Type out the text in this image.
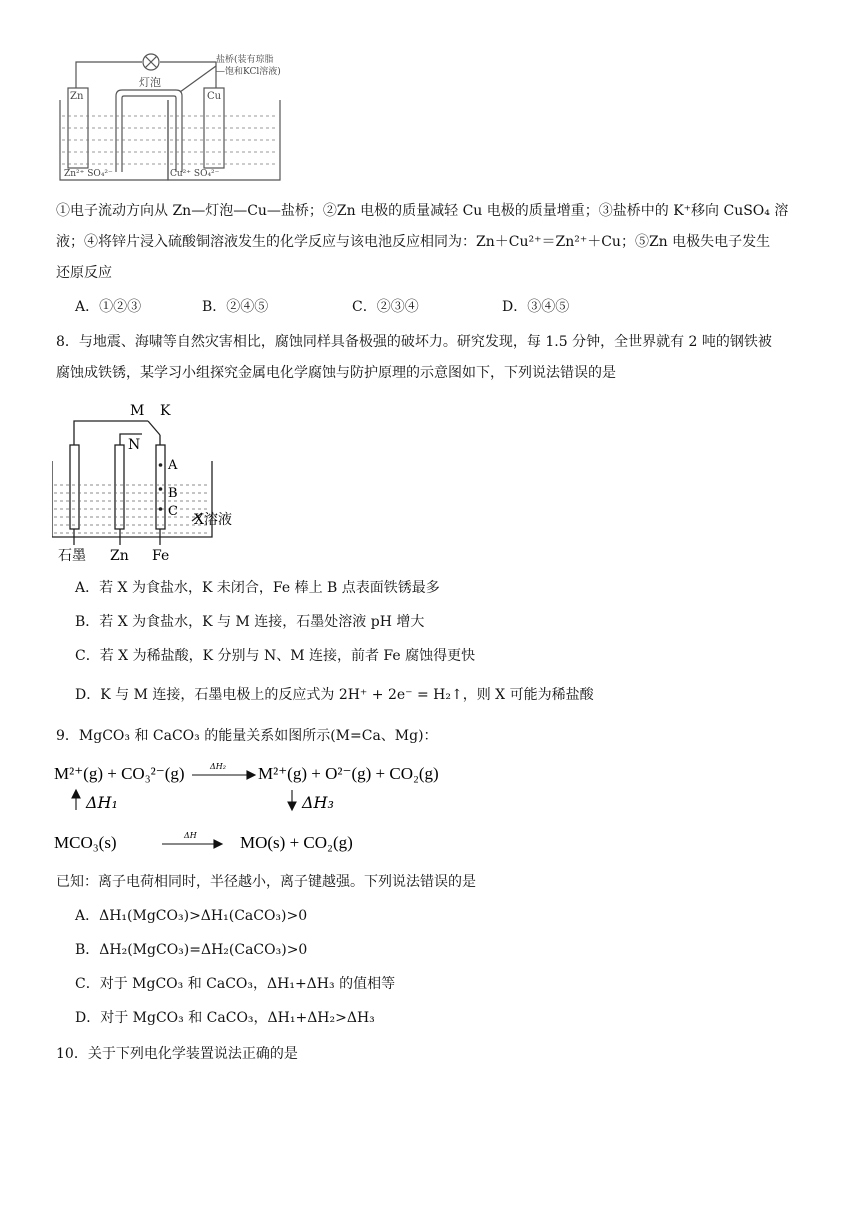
灯泡
盐桥(装有琼脂
—饱和KCl溶液)
Zn	Cu
Zn²⁺ SO₄²⁻	Cu²⁺ SO₄²⁻
①电子流动方向从 Zn—灯泡—Cu—盐桥；②Zn 电极的质量减轻 Cu 电极的质量增重；③盐桥中的 K⁺移向 CuSO₄ 溶
液；④将锌片浸入硫酸铜溶液发生的化学反应与该电池反应相同为：Zn＋Cu²⁺＝Zn²⁺＋Cu；⑤Zn 电极失电子发生
还原反应
A．①②③	B．②④⑤	C．②③④	D．③④⑤
8．与地震、海啸等自然灾害相比，腐蚀同样具备极强的破坏力。研究发现，每 1.5 分钟，全世界就有 2 吨的钢铁被
腐蚀成铁锈，某学习小组探究金属电化学腐蚀与防护原理的示意图如下，下列说法错误的是
M K
N
A
B
C
X溶液
石墨 Zn Fe
A．若 X 为食盐水，K 未闭合，Fe 棒上 B 点表面铁锈最多
B．若 X 为食盐水，K 与 M 连接，石墨处溶液 pH 增大
C．若 X 为稀盐酸，K 分别与 N、M 连接，前者 Fe 腐蚀得更快
D．K 与 M 连接，石墨电极上的反应式为 2H⁺ + 2e⁻ = H₂↑，则 X 可能为稀盐酸
9．MgCO₃ 和 CaCO₃ 的能量关系如图所示(M=Ca、Mg)：
M²⁺(g) + CO₃²⁻(g)	M²⁺(g) + O²⁻(g) + CO₂(g)
MCO₃(s)	MO(s) + CO₂(g)
ΔH₂
ΔH
ΔH₁	ΔH₃
已知：离子电荷相同时，半径越小，离子键越强。下列说法错误的是
A．ΔH₁(MgCO₃)>ΔH₁(CaCO₃)>0
B．ΔH₂(MgCO₃)=ΔH₂(CaCO₃)>0
C．对于 MgCO₃ 和 CaCO₃，ΔH₁+ΔH₃ 的值相等
D．对于 MgCO₃ 和 CaCO₃，ΔH₁+ΔH₂>ΔH₃
10．关于下列电化学装置说法正确的是
